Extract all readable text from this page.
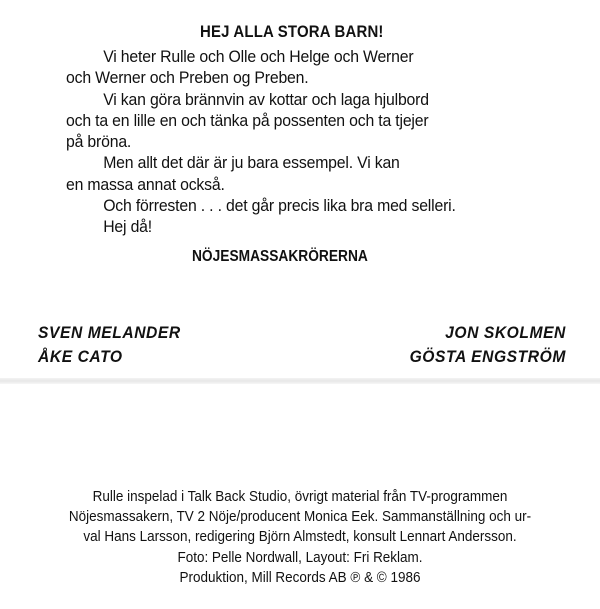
HEJ ALLA STORA BARN!

Vi heter Rulle och Olle och Helge och Werner

och Werner och Preben og Preben.

Vi kan göra brännvin av kottar och laga hjulbord

och ta en lille en och tänka på possenten och ta tjejer

på bröna.

Men allt det där är ju bara essempel. Vi kan

en massa annat också.

Och förresten . . . det går precis lika bra med selleri.

Hej då!

NÖJESMASSAKRÖRERNA
SVEN MELANDER
ÅKE CATO
JON SKOLMEN
GÖSTA ENGSTRÖM
Rulle inspelad i Talk Back Studio, övrigt material från TV-programmen
Nöjesmassakern, TV 2 Nöje/producent Monica Eek. Sammanställning och ur-
val Hans Larsson, redigering Björn Almstedt, konsult Lennart Andersson.
Foto: Pelle Nordwall, Layout: Fri Reklam.
Produktion, Mill Records AB ℗ & © 1986
